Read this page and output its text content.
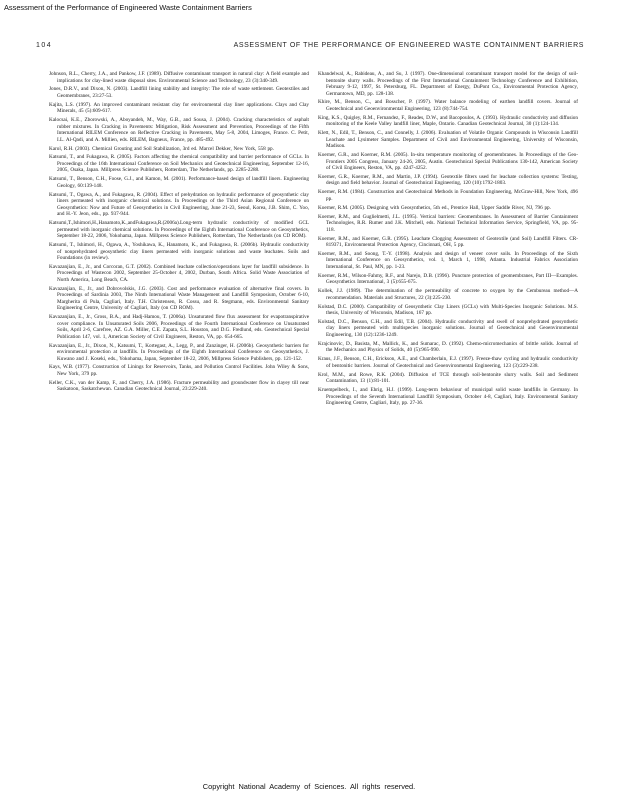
Assessment of the Performance of Engineered Waste Containment Barriers
104	ASSESSMENT OF THE PERFORMANCE OF ENGINEERED WASTE CONTAINMENT BARRIERS

Johnson, R.L., Cherry, J.A., and Pankow, J.F. (1989). Diffusive contaminant transport in natural clay: A field example and implications for clay-lined waste disposal sites. Environmental Science and Technology, 23 (3):340-349.

Jones, D.R.V., and Dixon, N. (2003). Landfill lining stability and integrity: The role of waste settlement. Geotextiles and Geomembranes, 23:27-53.

Kajita, L.S. (1997). An improved contaminant resistant clay for environmental clay liner applications. Clays and Clay Minerals, 45 (5):609-617.

Kalocsai, K.E., Zborowski, A., Aboyandeh, M., Way, G.B., and Sousa, J. (2004). Cracking characteristics of asphalt rubber mixtures. In Cracking in Pavements: Mitigation, Risk Assessment and Prevention, Proceedings of the Fifth International RILEM Conference on Reflective Cracking in Pavements, May 5-8, 2004, Limoges, France. C. Petit, I.L. Al-Qadi, and A. Millien, eds. RILEM, Bagneux, France, pp. 485-492.

Karol, R.H. (2003). Chemical Grouting and Soil Stabilization, 3rd ed. Marcel Dekker, New York, 558 pp.

Katsumi, T., and Fukagawa, R. (2005). Factors affecting the chemical compatibility and barrier performance of GCLs. In Proceedings of the 16th International Conference on Soil Mechanics and Geotechnical Engineering, September 12-16, 2005, Osaka, Japan. Millpress Science Publishers, Rotterdam, The Netherlands, pp. 2285-2288.

Katsumi, T., Benson, C.H., Foose, G.J., and Kamon, M. (2001). Performance-based design of landfill liners. Engineering Geology, 60:139-148.

Katsumi, T., Ogawa, A., and Fukagawa, R. (2004). Effect of prehydration on hydraulic performance of geosynthetic clay liners permeated with inorganic chemical solutions. In Proceedings of the Third Asian Regional Conference on Geosynthetics: Now and Future of Geosynthetics in Civil Engineering, June 21-23, Seoul, Korea, J.B. Shim, C. Yoo, and H.-Y. Jeon, eds., pp. 937-944.

Katsumi,T.,Ishimori,H.,Hanamoto,K.,andFukagawa,R.(2006a).Long-term hydraulic conductivity of modified GCL permeated with inorganic chemical solutions. In Proceedings of the Eighth International Conference on Geosynthetics, September 18-22, 2006, Yokohama, Japan. Millpress Science Publishers, Rotterdam, The Netherlands (on CD ROM).

Katsumi, T., Ishimori, H., Ogawa, A., Yoshikawa, K., Hanamoto, K., and Fukagawa, R. (2006b). Hydraulic conductivity of nonprehydrated geosynthetic clay liners permeated with inorganic solutions and waste leachates. Soils and Foundations (in review).

Kavazanjian, E., Jr., and Corcoran, G.T. (2002). Combined leachate collection/operations layer for landfill subsidence. In Proceedings of Wastecon 2002, September 25-October 4, 2002, Durban, South Africa. Solid Waste Association of North America, Long Beach, CA.

Kavazanjian, E., Jr., and Dobrovolskis, J.G. (2003). Cost and performance evaluation of alternative final covers. In Proceedings of Sardinia 2003, The Ninth International Waste Management and Landfill Symposium, October 6-10, Margherita di Pula, Cagliari, Italy. T.H. Christensen, R. Cossu, and R. Stegmann, eds. Environmental Sanitary Engineering Centre, University of Cagliari, Italy (on CD ROM).

Kavazanjian, E., Jr., Gross, B.A., and Hadj-Hamou, T. (2006a). Unsaturated flow flux assessment for evapotranspirative cover compliance. In Unsaturated Soils 2006, Proceedings of the Fourth International Conference on Unsaturated Soils, April 2-6, Carefree, AZ. G.A. Miller, C.E. Zapata, S.L. Houston, and D.G. Fredlund, eds. Geotechnical Special Publication 147, vol. 1, American Society of Civil Engineers, Reston, VA, pp. 654-665.

Kavazanjian, E., Jr., Dixon, N., Katsumi, T., Kortegast, A., Legg, P., and Zanzinger, H. (2006b). Geosynthetic barriers for environmental protection at landfills. In Proceedings of the Eighth International Conference on Geosynthetics, J. Kuwano and J. Koseki, eds., Yokohama, Japan, September 18-22, 2006, Millpress Science Publishers, pp. 121-152.

Kays, W.B. (1977). Construction of Linings for Reservoirs, Tanks, and Pollution Control Facilities. John Wiley & Sons, New York, 379 pp.

Keller, C.K., van der Kamp, F., and Cherry, J.A. (1986). Fracture permeability and groundwater flow in clayey till near Saskatoon, Saskatchewan. Canadian Geotechnical Journal, 23:229-240.

Khandelwal, A., Rabideau, A., and Su, J. (1997). One-dimensional contaminant transport model for the design of soil-bentonite slurry walls. Proceedings of the First International Containment Technology Conference and Exhibition, February 9-12, 1997, St. Petersburg, FL. Department of Energy, DuPont Co., Environmental Protection Agency, Germantown, MD, pp. 128-138.

Khire, M., Benson, C., and Bosscher, P. (1997). Water balance modeling of earthen landfill covers. Journal of Geotechnical and Geoenvironmental Engineering, 123 (8):744-754.

King, K.S., Quigley, R.M., Fernandez, F., Reades, D.W., and Bacopoulos, A. (1993). Hydraulic conductivity and diffusion monitoring of the Keele Valley landfill liner, Maple, Ontario. Canadian Geotechnical Journal, 30 (1):124-134.

Klett, N., Edil, T., Benson, C., and Connelly, J. (2006). Evaluation of Volatile Organic Compounds in Wisconsin Landfill Leachate and Lysimeter Samples. Department of Civil and Environmental Engineering, University of Wisconsin, Madison.

Koerner, G.R., and Koerner, R.M. (2005). In-situ temperature monitoring of geomembranes. In Proceedings of the Geo-Frontiers 2005 Congress, January 24-26, 2005, Austin. Geotechnical Special Publications 130-142, American Society of Civil Engineers, Reston, VA, pp. 4247-4252.

Koerner, G.R., Koerner, R.M., and Martin, J.P. (1994). Geotextile filters used for leachate collection systems: Testing, design and field behavior. Journal of Geotechnical Engineering, 120 (10):1792-1803.

Koerner, R.M. (1984). Construction and Geotechnical Methods in Foundation Engineering, McGraw-Hill, New York, 496 pp.

Koerner, R.M. (2005). Designing with Geosynthetics, 5th ed., Prentice Hall, Upper Saddle River, NJ, 796 pp.

Koerner, R.M., and Guglielmetti, J.L. (1995). Vertical barriers: Geomembranes. In Assessment of Barrier Containment Technologies, R.R. Rumer and J.K. Mitchell, eds. National Technical Information Service, Springfield, VA, pp. 95-118.

Koerner, R.M., and Koerner, G.R. (1995). Leachate Clogging Assessment of Geotextile (and Soil) Landfill Filters. CR-819371, Environmental Protection Agency, Cincinnati, OH, 5 pp.

Koerner, R.M., and Soong, T.-Y. (1998). Analysis and design of veneer cover soils. In Proceedings of the Sixth International Conference on Geosynthetics, vol. 1, March 1, 1998, Atlanta. Industrial Fabrics Association International, St. Paul, MN, pp. 1-23.

Koerner, R.M., Wilson-Fahmy, R.F., and Narejo, D.B. (1996). Puncture protection of geomembranes, Part III—Examples. Geosynthetics International, 3 (5):655-675.

Kollek, J.J. (1989). The determination of the permeability of concrete to oxygen by the Cembureau method—A recommendation. Materials and Structures, 22 (3):225-230.

Kolstad, D.C. (2000). Compatibility of Geosynthetic Clay Liners (GCLs) with Multi-Species Inorganic Solutions. M.S. thesis, University of Wisconsin, Madison, 167 pp.

Kolstad, D.C., Benson, C.H., and Edil, T.B. (2004). Hydraulic conductivity and swell of nonprehydrated geosynthetic clay liners permeated with multispecies inorganic solutions. Journal of Geotechnical and Geoenvironmental Engineering, 130 (12):1236-1249.

Krajcinovic, D., Basista, M., Mallick, K., and Sumarac, D. (1992). Chemo-micromechanics of brittle solids. Journal of the Mechanics and Physics of Solids, 40 (5):965-990.

Kraus, J.F., Benson, C.H., Erickson, A.E., and Chamberlain, E.J. (1997). Freeze-thaw cycling and hydraulic conductivity of bentonitic barriers. Journal of Geotechnical and Geoenvironmental Engineering, 123 (3):229-238.

Krol, M.M., and Rowe, R.K. (2004). Diffusion of TCE through soil-bentonite slurry walls. Soil and Sediment Contamination, 13 (1):81-101.

Kruempelbeck, I., and Ehrig, H.J. (1999). Long-term behaviour of municipal solid waste landfills in Germany. In Proceedings of the Seventh International Landfill Symposium, October 4-8, Cagliari, Italy. Environmental Sanitary Engineering Centre, Cagliari, Italy, pp. 27-36.

Copyright National Academy of Sciences. All rights reserved.
